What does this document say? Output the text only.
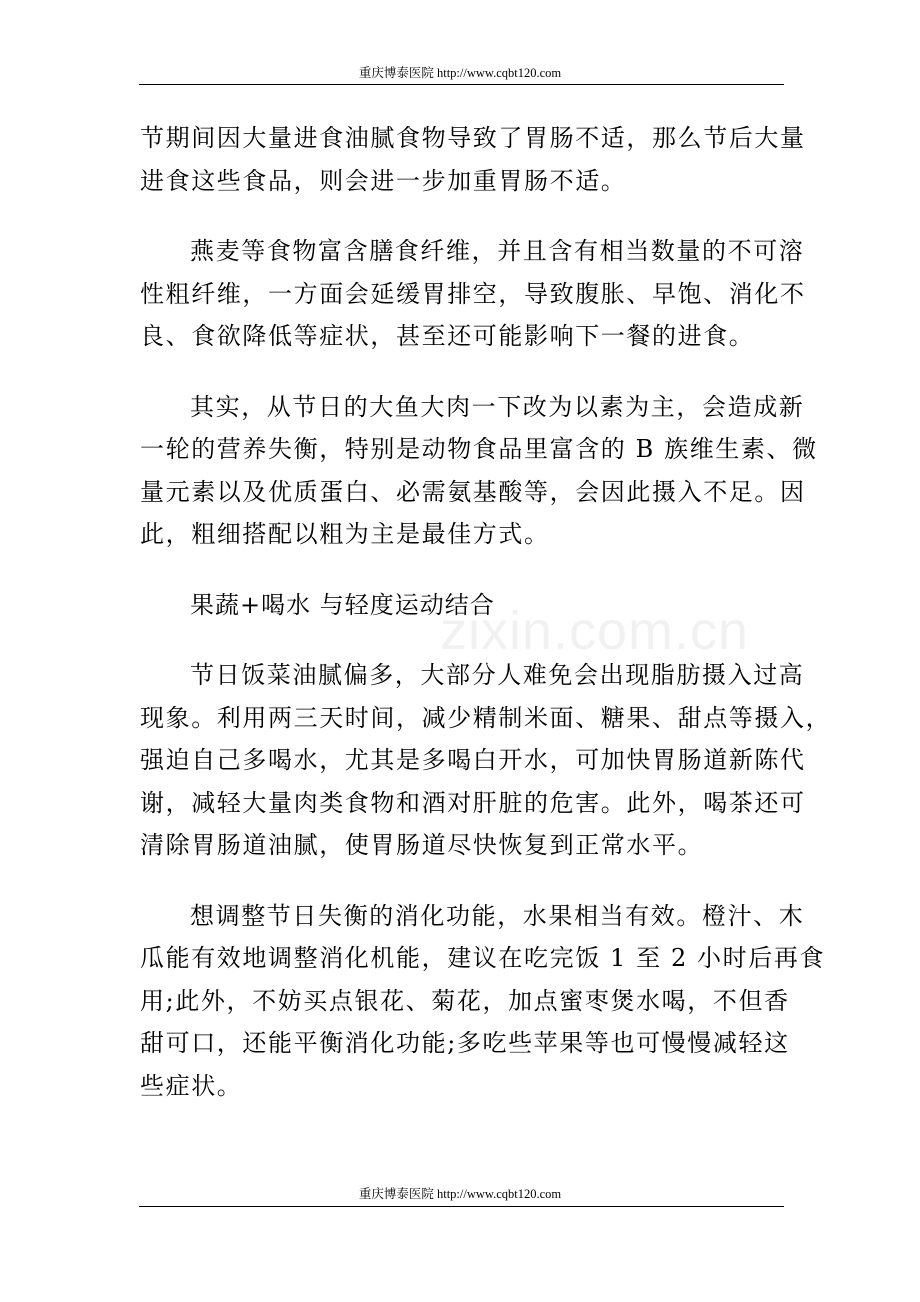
重庆博泰医院 http://www.cqbt120.com
zixin.com.cn

节期间因大量进食油腻食物导致了胃肠不适，那么节后大量
进食这些食品，则会进一步加重胃肠不适。

燕麦等食物富含膳食纤维，并且含有相当数量的不可溶
性粗纤维，一方面会延缓胃排空，导致腹胀、早饱、消化不
良、食欲降低等症状，甚至还可能影响下一餐的进食。

其实，从节日的大鱼大肉一下改为以素为主，会造成新
一轮的营养失衡，特别是动物食品里富含的 B 族维生素、微
量元素以及优质蛋白、必需氨基酸等，会因此摄入不足。因
此，粗细搭配以粗为主是最佳方式。

果蔬+喝水 与轻度运动结合

节日饭菜油腻偏多，大部分人难免会出现脂肪摄入过高
现象。利用两三天时间，减少精制米面、糖果、甜点等摄入，
强迫自己多喝水，尤其是多喝白开水，可加快胃肠道新陈代
谢，减轻大量肉类食物和酒对肝脏的危害。此外，喝茶还可
清除胃肠道油腻，使胃肠道尽快恢复到正常水平。

想调整节日失衡的消化功能，水果相当有效。橙汁、木
瓜能有效地调整消化机能，建议在吃完饭 1 至 2 小时后再食
用;此外，不妨买点银花、菊花，加点蜜枣煲水喝，不但香
甜可口，还能平衡消化功能;多吃些苹果等也可慢慢减轻这
些症状。

重庆博泰医院 http://www.cqbt120.com
